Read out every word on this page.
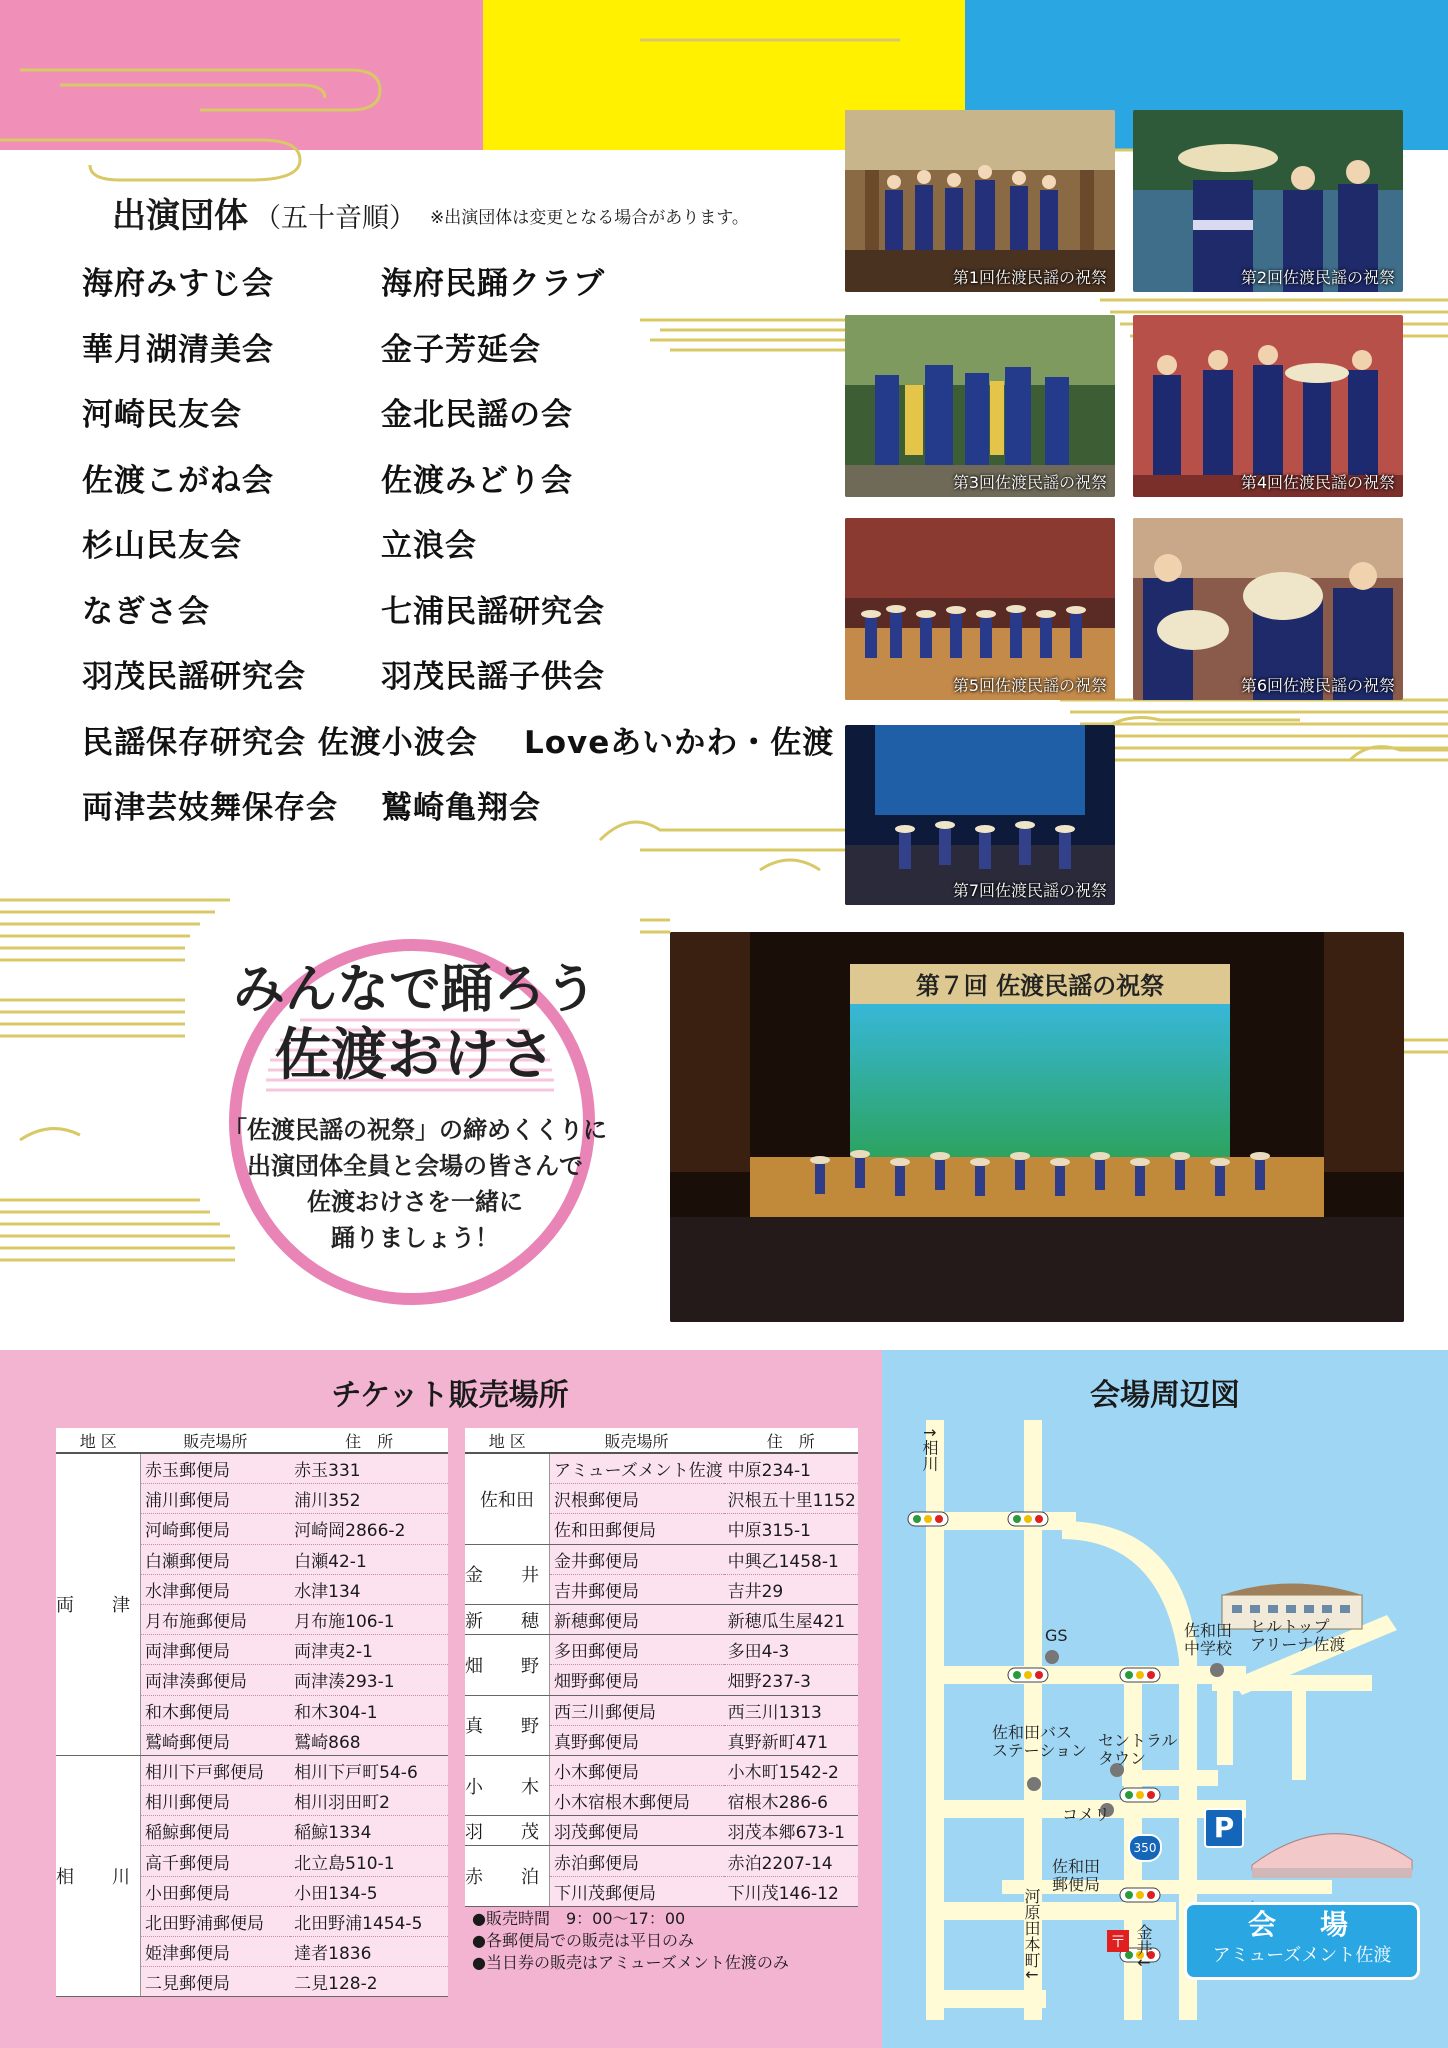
出演団体 （五十音順） ※出演団体は変更となる場合があります。
海府みすじ会	海府民踊クラブ
華月湖清美会	金子芳延会
河崎民友会	金北民謡の会
佐渡こがね会	佐渡みどり会
杉山民友会	立浪会
なぎさ会	七浦民謡研究会
羽茂民謡研究会 羽茂民謡子供会
民謡保存研究会 佐渡小波会 Loveあいかわ・佐渡
両津芸妓舞保存会 鷲崎亀翔会
第1回佐渡民謡の祝祭	第2回佐渡民謡の祝祭
第3回佐渡民謡の祝祭	第4回佐渡民謡の祝祭
第5回佐渡民謡の祝祭	第6回佐渡民謡の祝祭
第7回佐渡民謡の祝祭
第７回 佐渡民謡の祝祭
みんなで踊ろう
佐渡おけさ
「佐渡民謡の祝祭」の締めくくりに
出演団体全員と会場の皆さんで
佐渡おけさを一緒に
踊りましょう！
チケット販売場所	会場周辺図
地 区	販売場所	住　所
両　津	赤玉郵便局	赤玉331
	浦川郵便局	浦川352
	河崎郵便局	河崎岡2866-2
	白瀬郵便局	白瀬42-1
	水津郵便局	水津134
	月布施郵便局	月布施106-1
	両津郵便局	両津夷2-1
	両津湊郵便局	両津湊293-1
	和木郵便局	和木304-1
	鷲崎郵便局	鷲崎868
相　川	相川下戸郵便局	相川下戸町54-6
	相川郵便局	相川羽田町2
	稲鯨郵便局	稲鯨1334
	高千郵便局	北立島510-1
	小田郵便局	小田134-5
	北田野浦郵便局	北田野浦1454-5
	姫津郵便局	達者1836
	二見郵便局	二見128-2
地 区	販売場所	住　所
佐和田	アミューズメント佐渡	中原234-1
	沢根郵便局	沢根五十里1152
	佐和田郵便局	中原315-1
金　井	金井郵便局	中興乙1458-1
	吉井郵便局	吉井29
新　穂	新穂郵便局	新穂瓜生屋421
畑　野	多田郵便局	多田4-3
	畑野郵便局	畑野237-3
真　野	西三川郵便局	西三川1313
	真野郵便局	真野新町471
小　木	小木郵便局	小木町1542-2
	小木宿根木郵便局	宿根木286-6
羽　茂	羽茂郵便局	羽茂本郷673-1
赤　泊	赤泊郵便局	赤泊2207-14
	下川茂郵便局	下川茂146-12
●販売時間　9：00～17：00
●各郵便局での販売は平日のみ
●当日券の販売はアミューズメント佐渡のみ
〒
↑相川
GS	佐和田
中学校
ヒルトップ
アリーナ佐渡
佐和田バス
ステーション
セントラル
タウン
コメリ
佐和田
郵便局
河原田本町↓	金井↓
350
P
会　場
アミューズメント佐渡
